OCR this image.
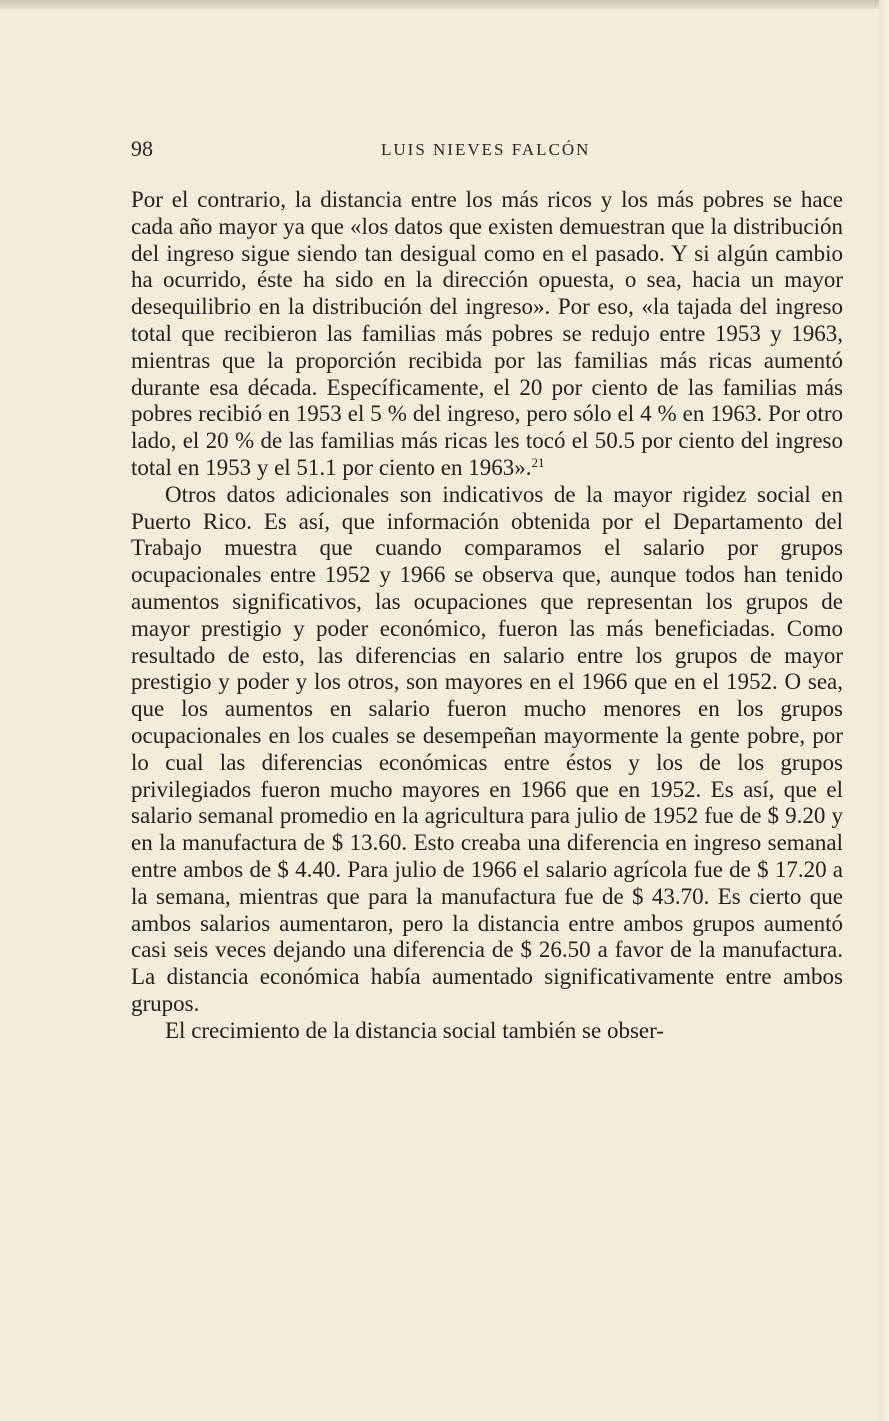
98	LUIS NIEVES FALCÓN

Por el contrario, la distancia entre los más ricos y los más pobres se hace cada año mayor ya que «los datos que existen demuestran que la distribución del ingreso sigue siendo tan desigual como en el pasado. Y si algún cambio ha ocurrido, éste ha sido en la dirección opuesta, o sea, hacia un mayor desequilibrio en la distribución del ingreso». Por eso, «la tajada del ingreso total que recibieron las familias más pobres se redujo entre 1953 y 1963, mientras que la proporción recibida por las familias más ricas aumentó durante esa década. Específicamente, el 20 por ciento de las familias más pobres recibió en 1953 el 5 % del ingreso, pero sólo el 4 % en 1963. Por otro lado, el 20 % de las familias más ricas les tocó el 50.5 por ciento del ingreso total en 1953 y el 51.1 por ciento en 1963».$^{21}$

Otros datos adicionales son indicativos de la mayor rigidez social en Puerto Rico. Es así, que información obtenida por el Departamento del Trabajo muestra que cuando comparamos el salario por grupos ocupacionales entre 1952 y 1966 se observa que, aunque todos han tenido aumentos significativos, las ocupaciones que representan los grupos de mayor prestigio y poder económico, fueron las más beneficiadas. Como resultado de esto, las diferencias en salario entre los grupos de mayor prestigio y poder y los otros, son mayores en el 1966 que en el 1952. O sea, que los aumentos en salario fueron mucho menores en los grupos ocupacionales en los cuales se desempeñan mayormente la gente pobre, por lo cual las diferencias económicas entre éstos y los de los grupos privilegiados fueron mucho mayores en 1966 que en 1952. Es así, que el salario semanal promedio en la agricultura para julio de 1952 fue de $ 9.20 y en la manufactura de $ 13.60. Esto creaba una diferencia en ingreso semanal entre ambos de $ 4.40. Para julio de 1966 el salario agrícola fue de $ 17.20 a la semana, mientras que para la manufactura fue de $ 43.70. Es cierto que ambos salarios aumentaron, pero la distancia entre ambos grupos aumentó casi seis veces dejando una diferencia de $ 26.50 a favor de la manufactura. La distancia económica había aumentado significativamente entre ambos grupos.

El crecimiento de la distancia social también se obser-
